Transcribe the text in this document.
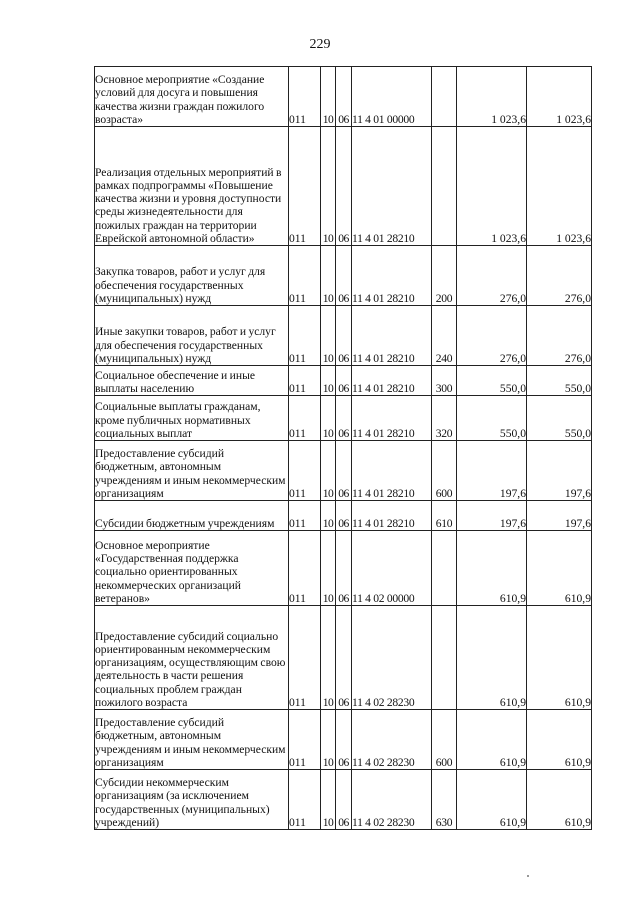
229
Основное мероприятие «Создание условий для досуга и повышения качества жизни граждан пожилого возраста»	011	10	06	11 4 01 00000		1 023,6	1 023,6

Реализация отдельных мероприятий в рамках подпрограммы «Повышение качества жизни и уровня доступности среды жизнедеятельности для пожилых граждан на территории Еврейской автономной области»	011	10	06	11 4 01 28210		1 023,6	1 023,6

Закупка товаров, работ и услуг для обеспечения государственных (муниципальных) нужд	011	10	06	11 4 01 28210	200	276,0	276,0

Иные закупки товаров, работ и услуг для обеспечения государственных (муниципальных) нужд	011	10	06	11 4 01 28210	240	276,0	276,0

Социальное обеспечение и иные выплаты населению	011	10	06	11 4 01 28210	300	550,0	550,0

Социальные выплаты гражданам, кроме публичных нормативных социальных выплат	011	10	06	11 4 01 28210	320	550,0	550,0

Предоставление субсидий бюджетным, автономным учреждениям и иным некоммерческим организациям	011	10	06	11 4 01 28210	600	197,6	197,6

Субсидии бюджетным учреждениям	011	10	06	11 4 01 28210	610	197,6	197,6

Основное мероприятие «Государственная поддержка социально ориентированных некоммерческих организаций ветеранов»	011	10	06	11 4 02 00000		610,9	610,9

Предоставление субсидий социально ориентированным некоммерческим организациям, осуществляющим свою деятельность в части решения социальных проблем граждан пожилого возраста	011	10	06	11 4 02 28230		610,9	610,9

Предоставление субсидий бюджетным, автономным учреждениям и иным некоммерческим организациям	011	10	06	11 4 02 28230	600	610,9	610,9

Субсидии некоммерческим организациям (за исключением государственных (муниципальных) учреждений)	011	10	06	11 4 02 28230	630	610,9	610,9
